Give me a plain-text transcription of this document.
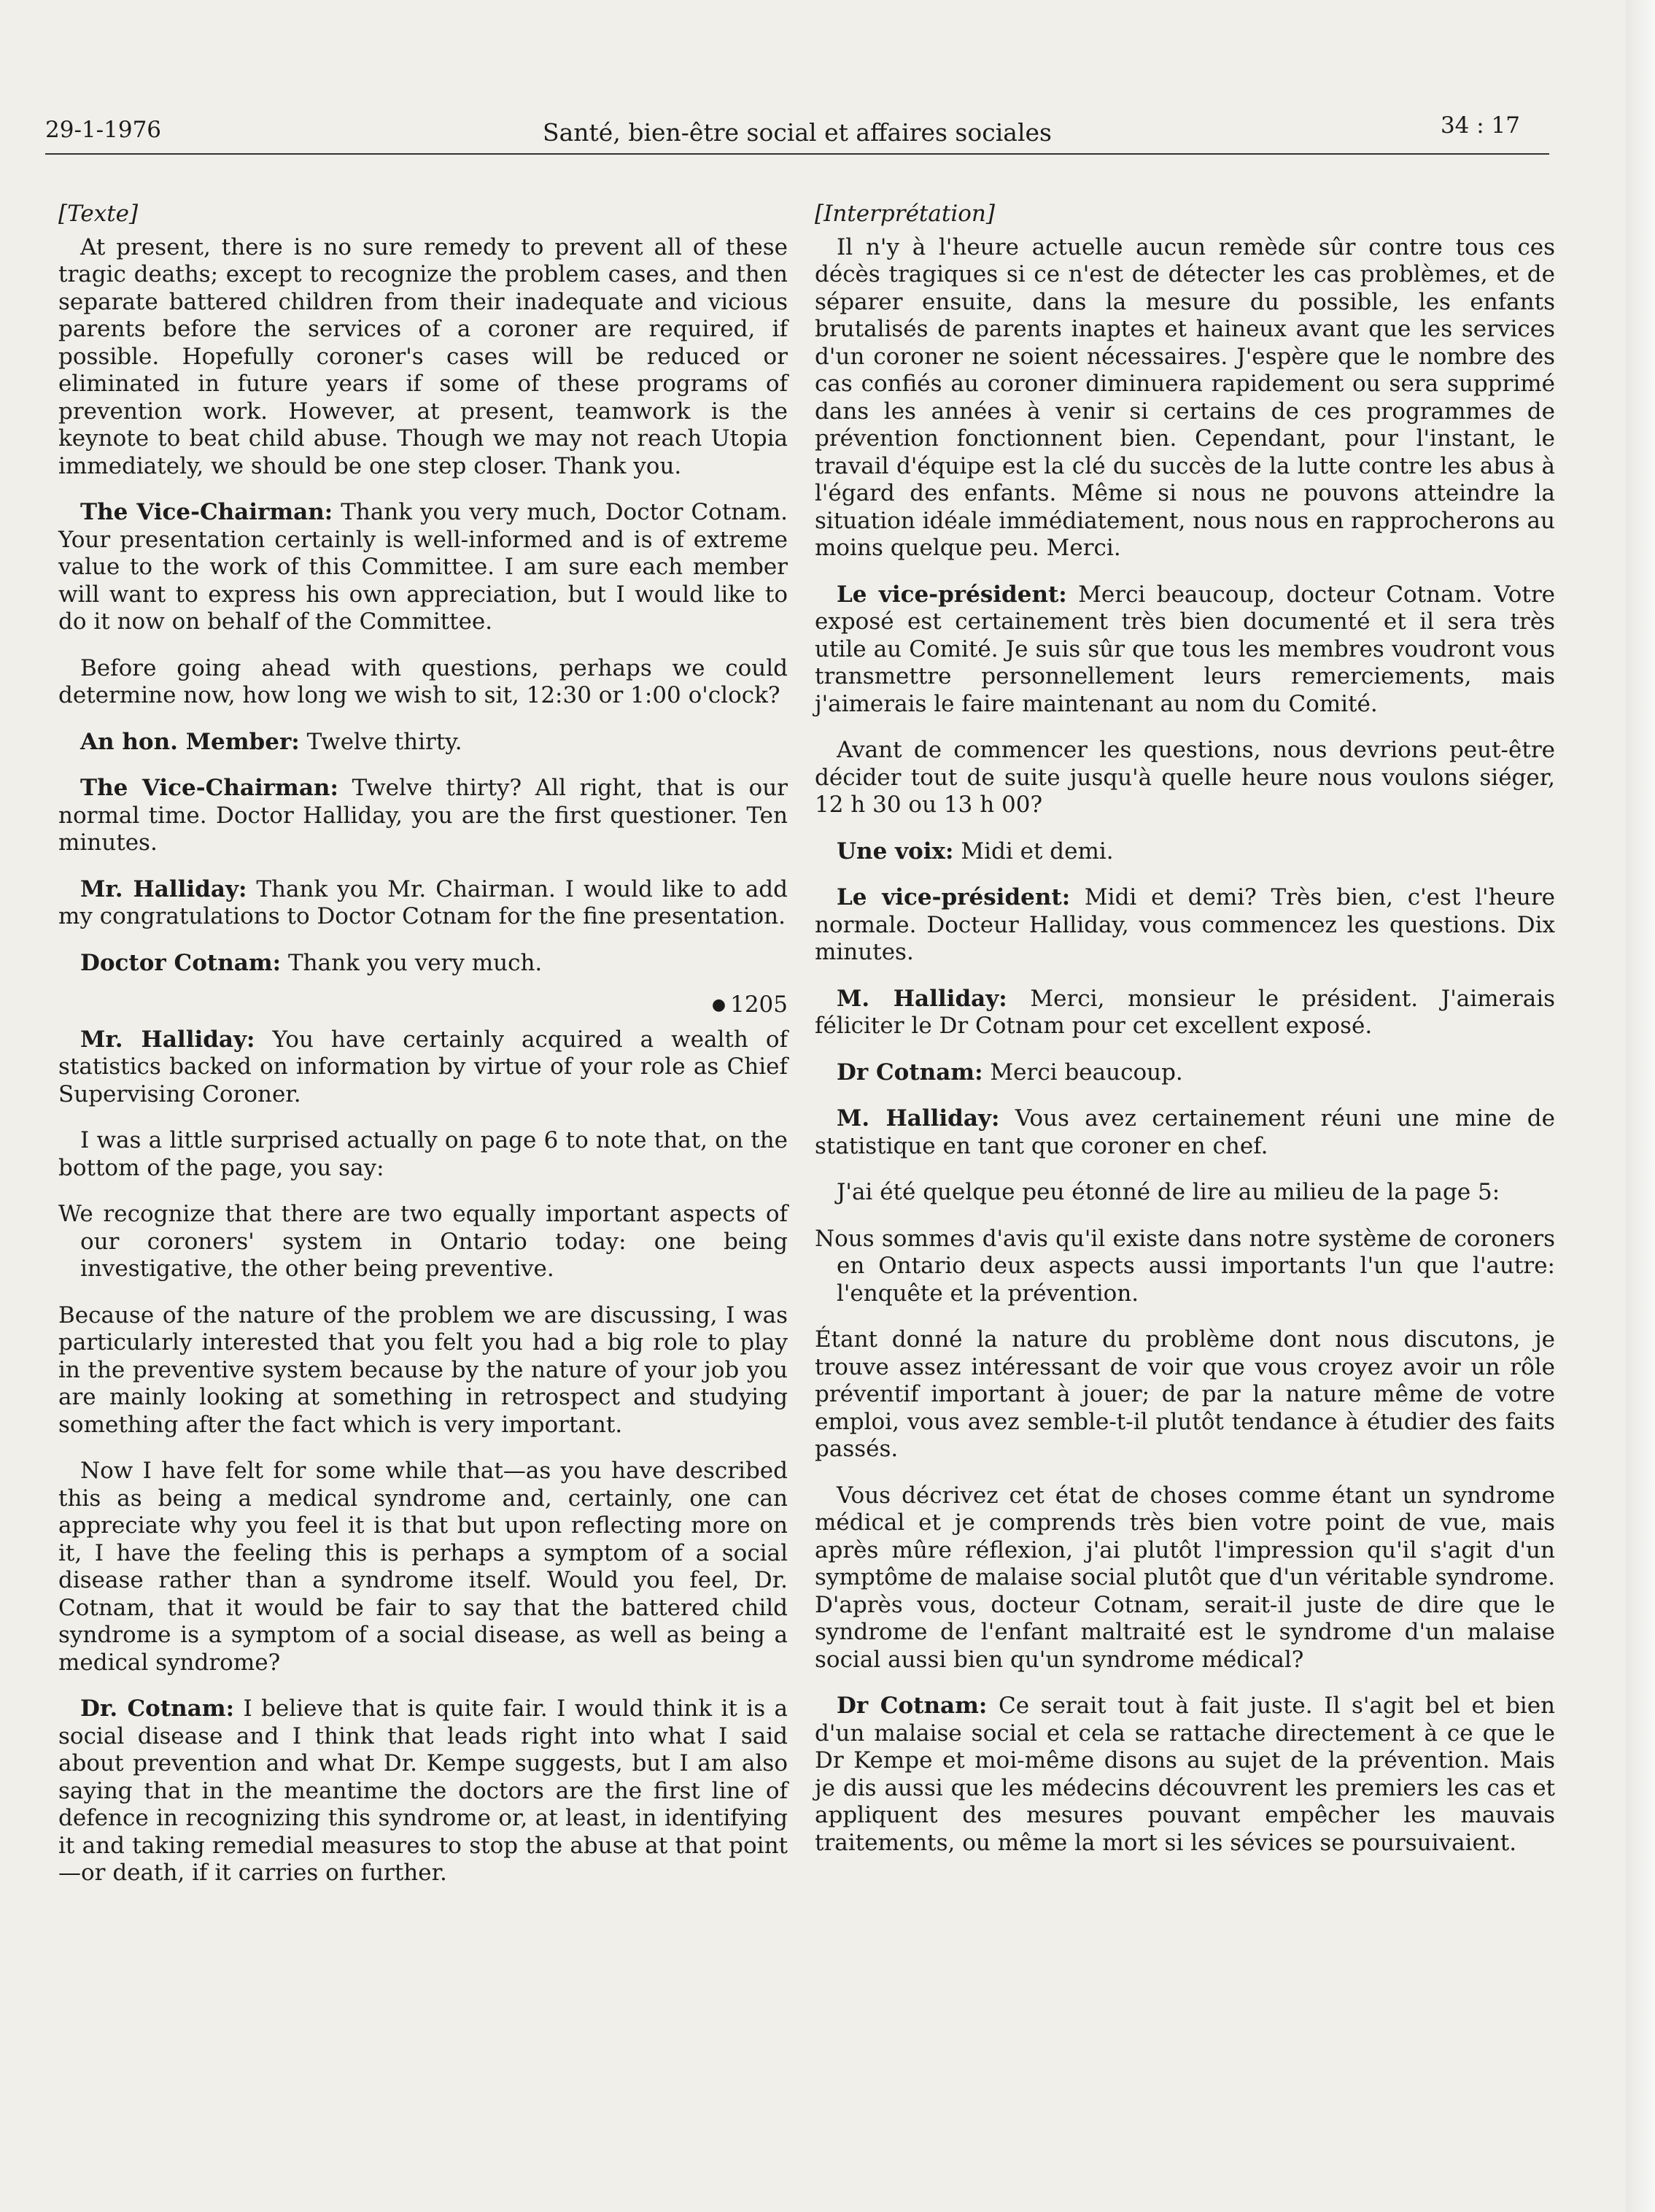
29-1-1976	Santé, bien-être social et affaires sociales	34 : 17
[Texte]

At present, there is no sure remedy to prevent all of these tragic deaths; except to recognize the problem cases, and then separate battered children from their inadequate and vicious parents before the services of a coroner are required, if possible. Hopefully coroner's cases will be reduced or eliminated in future years if some of these programs of prevention work. However, at present, teamwork is the keynote to beat child abuse. Though we may not reach Utopia immediately, we should be one step closer. Thank you.

The Vice-Chairman: Thank you very much, Doctor Cotnam. Your presentation certainly is well-informed and is of extreme value to the work of this Committee. I am sure each member will want to express his own appreciation, but I would like to do it now on behalf of the Committee.

Before going ahead with questions, perhaps we could determine now, how long we wish to sit, 12:30 or 1:00 o'clock?

An hon. Member: Twelve thirty.

The Vice-Chairman: Twelve thirty? All right, that is our normal time. Doctor Halliday, you are the first questioner. Ten minutes.

Mr. Halliday: Thank you Mr. Chairman. I would like to add my congratulations to Doctor Cotnam for the fine presentation.

Doctor Cotnam: Thank you very much.

● 1205

Mr. Halliday: You have certainly acquired a wealth of statistics backed on information by virtue of your role as Chief Supervising Coroner.

I was a little surprised actually on page 6 to note that, on the bottom of the page, you say:

We recognize that there are two equally important aspects of our coroners' system in Ontario today: one being investigative, the other being preventive.

Because of the nature of the problem we are discussing, I was particularly interested that you felt you had a big role to play in the preventive system because by the nature of your job you are mainly looking at something in retrospect and studying something after the fact which is very important.

Now I have felt for some while that—as you have described this as being a medical syndrome and, certainly, one can appreciate why you feel it is that but upon reflecting more on it, I have the feeling this is perhaps a symptom of a social disease rather than a syndrome itself. Would you feel, Dr. Cotnam, that it would be fair to say that the battered child syndrome is a symptom of a social disease, as well as being a medical syndrome?

Dr. Cotnam: I believe that is quite fair. I would think it is a social disease and I think that leads right into what I said about prevention and what Dr. Kempe suggests, but I am also saying that in the meantime the doctors are the first line of defence in recognizing this syndrome or, at least, in identifying it and taking remedial measures to stop the abuse at that point—or death, if it carries on further.

[Interprétation]

Il n'y à l'heure actuelle aucun remède sûr contre tous ces décès tragiques si ce n'est de détecter les cas problèmes, et de séparer ensuite, dans la mesure du possible, les enfants brutalisés de parents inaptes et haineux avant que les services d'un coroner ne soient nécessaires. J'espère que le nombre des cas confiés au coroner diminuera rapidement ou sera supprimé dans les années à venir si certains de ces programmes de prévention fonctionnent bien. Cependant, pour l'instant, le travail d'équipe est la clé du succès de la lutte contre les abus à l'égard des enfants. Même si nous ne pouvons atteindre la situation idéale immédiatement, nous nous en rapprocherons au moins quelque peu. Merci.

Le vice-président: Merci beaucoup, docteur Cotnam. Votre exposé est certainement très bien documenté et il sera très utile au Comité. Je suis sûr que tous les membres voudront vous transmettre personnellement leurs remerciements, mais j'aimerais le faire maintenant au nom du Comité.

Avant de commencer les questions, nous devrions peut-être décider tout de suite jusqu'à quelle heure nous voulons siéger, 12 h 30 ou 13 h 00?

Une voix: Midi et demi.

Le vice-président: Midi et demi? Très bien, c'est l'heure normale. Docteur Halliday, vous commencez les questions. Dix minutes.

M. Halliday: Merci, monsieur le président. J'aimerais féliciter le Dr Cotnam pour cet excellent exposé.

Dr Cotnam: Merci beaucoup.

M. Halliday: Vous avez certainement réuni une mine de statistique en tant que coroner en chef.

J'ai été quelque peu étonné de lire au milieu de la page 5:

Nous sommes d'avis qu'il existe dans notre système de coroners en Ontario deux aspects aussi importants l'un que l'autre: l'enquête et la prévention.

Étant donné la nature du problème dont nous discutons, je trouve assez intéressant de voir que vous croyez avoir un rôle préventif important à jouer; de par la nature même de votre emploi, vous avez semble-t-il plutôt tendance à étudier des faits passés.

Vous décrivez cet état de choses comme étant un syndrome médical et je comprends très bien votre point de vue, mais après mûre réflexion, j'ai plutôt l'impression qu'il s'agit d'un symptôme de malaise social plutôt que d'un véritable syndrome. D'après vous, docteur Cotnam, serait-il juste de dire que le syndrome de l'enfant maltraité est le syndrome d'un malaise social aussi bien qu'un syndrome médical?

Dr Cotnam: Ce serait tout à fait juste. Il s'agit bel et bien d'un malaise social et cela se rattache directement à ce que le Dr Kempe et moi-même disons au sujet de la prévention. Mais je dis aussi que les médecins découvrent les premiers les cas et appliquent des mesures pouvant empêcher les mauvais traitements, ou même la mort si les sévices se poursuivaient.
